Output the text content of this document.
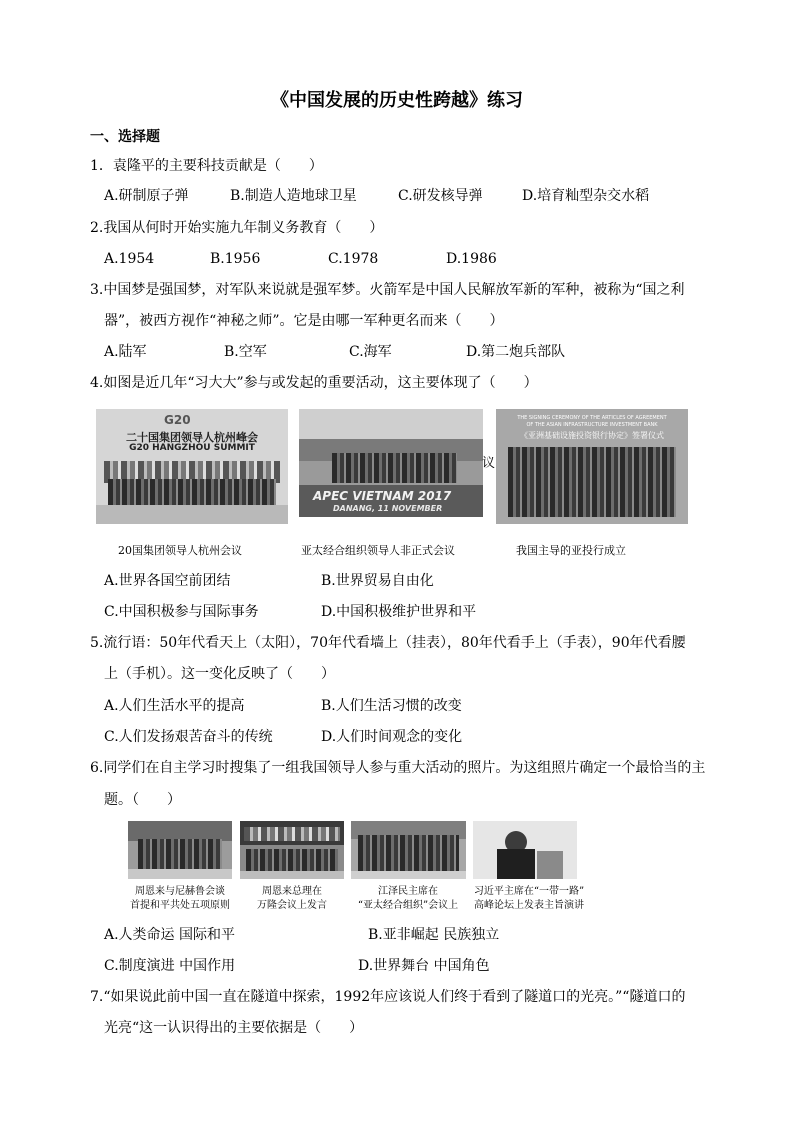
《中国发展的历史性跨越》练习
一、选择题
1．袁隆平的主要科技贡献是（　　）
A.研制原子弹	B.制造人造地球卫星	C.研发核导弹	D.培育籼型杂交水稻
2.我国从何时开始实施九年制义务教育（　　）
A.1954	B.1956	C.1978	D.1986
3.中国梦是强国梦，对军队来说就是强军梦。火箭军是中国人民解放军新的军种，被称为“国之利
器”，被西方视作“神秘之师”。它是由哪一军种更名而来（　　）
A.陆军	B.空军	C.海军	D.第二炮兵部队
4.如图是近几年“习大大”参与或发起的重要活动，这主要体现了（　　）
G20
二十国集团领导人杭州峰会
G20 HANGZHOU SUMMIT
APEC VIETNAM 2017
DANANG, 11 NOVEMBER
议
THE SIGNING CEREMONY OF THE ARTICLES OF AGREEMENT
OF THE ASIAN INFRASTRUCTURE INVESTMENT BANK
《亚洲基础设施投资银行协定》签署仪式
20国集团领导人杭州会议	亚太经合组织领导人非正式会议	我国主导的亚投行成立
A.世界各国空前团结	B.世界贸易自由化
C.中国积极参与国际事务	D.中国积极维护世界和平
5.流行语：50年代看天上（太阳），70年代看墙上（挂表），80年代看手上（手表），90年代看腰
上（手机）。这一变化反映了（　　）
A.人们生活水平的提高	B.人们生活习惯的改变
C.人们发扬艰苦奋斗的传统	D.人们时间观念的变化
6.同学们在自主学习时搜集了一组我国领导人参与重大活动的照片。为这组照片确定一个最恰当的主
题。（　　）
周恩来与尼赫鲁会谈
首提和平共处五项原则
周恩来总理在
万隆会议上发言
江泽民主席在
“亚太经合组织”会议上
习近平主席在“一带一路”
高峰论坛上发表主旨演讲
A.人类命运 国际和平	B.亚非崛起 民族独立
C.制度演进 中国作用	D.世界舞台 中国角色
7.“如果说此前中国一直在隧道中探索，1992年应该说人们终于看到了隧道口的光亮。”“隧道口的
光亮“这一认识得出的主要依据是（　　）
